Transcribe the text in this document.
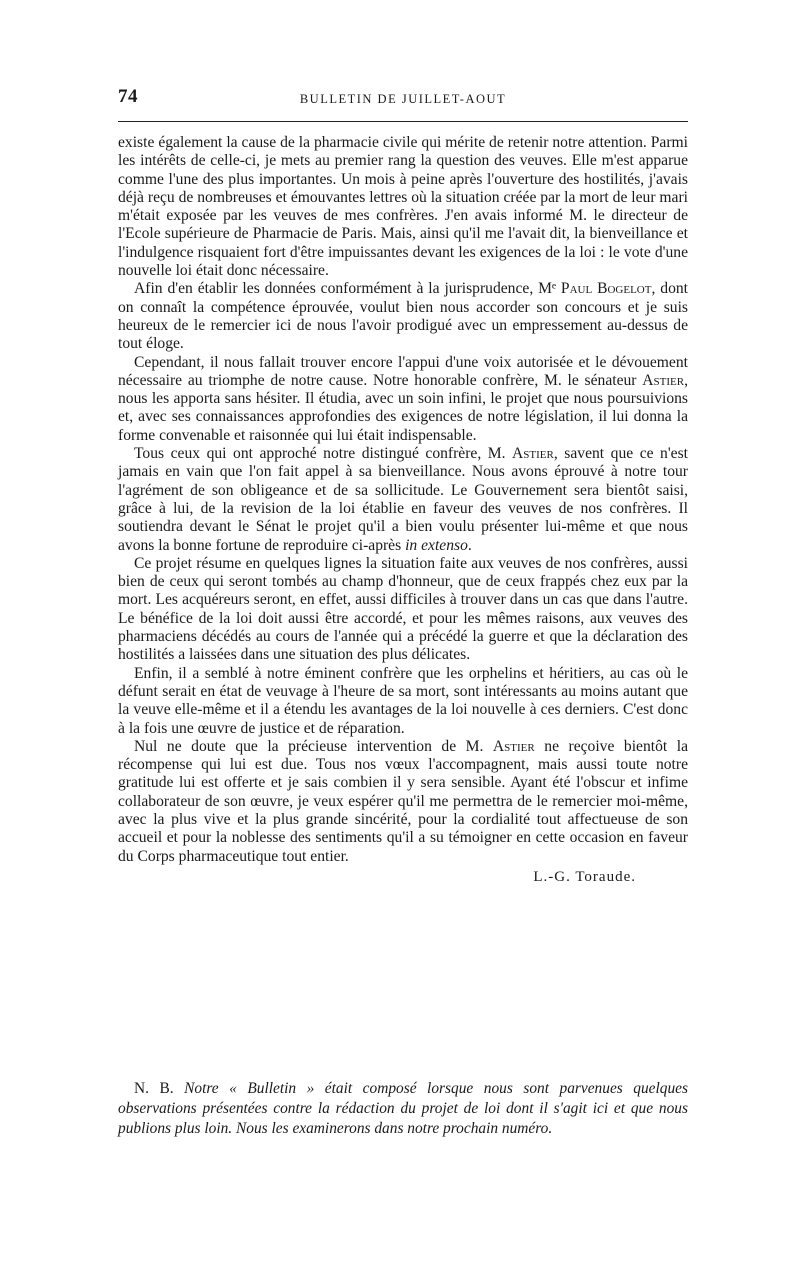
74	BULLETIN DE JUILLET-AOUT

existe également la cause de la pharmacie civile qui mérite de retenir notre attention. Parmi les intérêts de celle-ci, je mets au premier rang la question des veuves. Elle m'est apparue comme l'une des plus importantes. Un mois à peine après l'ouverture des hostilités, j'avais déjà reçu de nombreuses et émouvantes lettres où la situation créée par la mort de leur mari m'était exposée par les veuves de mes confrères. J'en avais informé M. le directeur de l'Ecole supérieure de Pharmacie de Paris. Mais, ainsi qu'il me l'avait dit, la bienveillance et l'indulgence risquaient fort d'être impuissantes devant les exigences de la loi : le vote d'une nouvelle loi était donc nécessaire.

Afin d'en établir les données conformément à la jurisprudence, Mᵉ Paul Bogelot, dont on connaît la compétence éprouvée, voulut bien nous accorder son concours et je suis heureux de le remercier ici de nous l'avoir prodigué avec un empressement au-dessus de tout éloge.

Cependant, il nous fallait trouver encore l'appui d'une voix autorisée et le dévouement nécessaire au triomphe de notre cause. Notre honorable confrère, M. le sénateur Astier, nous les apporta sans hésiter. Il étudia, avec un soin infini, le projet que nous poursuivions et, avec ses connaissances approfondies des exigences de notre législation, il lui donna la forme convenable et raisonnée qui lui était indispensable.

Tous ceux qui ont approché notre distingué confrère, M. Astier, savent que ce n'est jamais en vain que l'on fait appel à sa bienveillance. Nous avons éprouvé à notre tour l'agrément de son obligeance et de sa sollicitude. Le Gouvernement sera bientôt saisi, grâce à lui, de la revision de la loi établie en faveur des veuves de nos confrères. Il soutiendra devant le Sénat le projet qu'il a bien voulu présenter lui-même et que nous avons la bonne fortune de reproduire ci-après in extenso.

Ce projet résume en quelques lignes la situation faite aux veuves de nos confrères, aussi bien de ceux qui seront tombés au champ d'honneur, que de ceux frappés chez eux par la mort. Les acquéreurs seront, en effet, aussi difficiles à trouver dans un cas que dans l'autre. Le bénéfice de la loi doit aussi être accordé, et pour les mêmes raisons, aux veuves des pharmaciens décédés au cours de l'année qui a précédé la guerre et que la déclaration des hostilités a laissées dans une situation des plus délicates.

Enfin, il a semblé à notre éminent confrère que les orphelins et héritiers, au cas où le défunt serait en état de veuvage à l'heure de sa mort, sont intéressants au moins autant que la veuve elle-même et il a étendu les avantages de la loi nouvelle à ces derniers. C'est donc à la fois une œuvre de justice et de réparation.

Nul ne doute que la précieuse intervention de M. Astier ne reçoive bientôt la récompense qui lui est due. Tous nos vœux l'accompagnent, mais aussi toute notre gratitude lui est offerte et je sais combien il y sera sensible. Ayant été l'obscur et infime collaborateur de son œuvre, je veux espérer qu'il me permettra de le remercier moi-même, avec la plus vive et la plus grande sincérité, pour la cordialité tout affectueuse de son accueil et pour la noblesse des sentiments qu'il a su témoigner en cette occasion en faveur du Corps pharmaceutique tout entier.

L.-G. Toraude.

N. B. Notre « Bulletin » était composé lorsque nous sont parvenues quelques observations présentées contre la rédaction du projet de loi dont il s'agit ici et que nous publions plus loin. Nous les examinerons dans notre prochain numéro.
